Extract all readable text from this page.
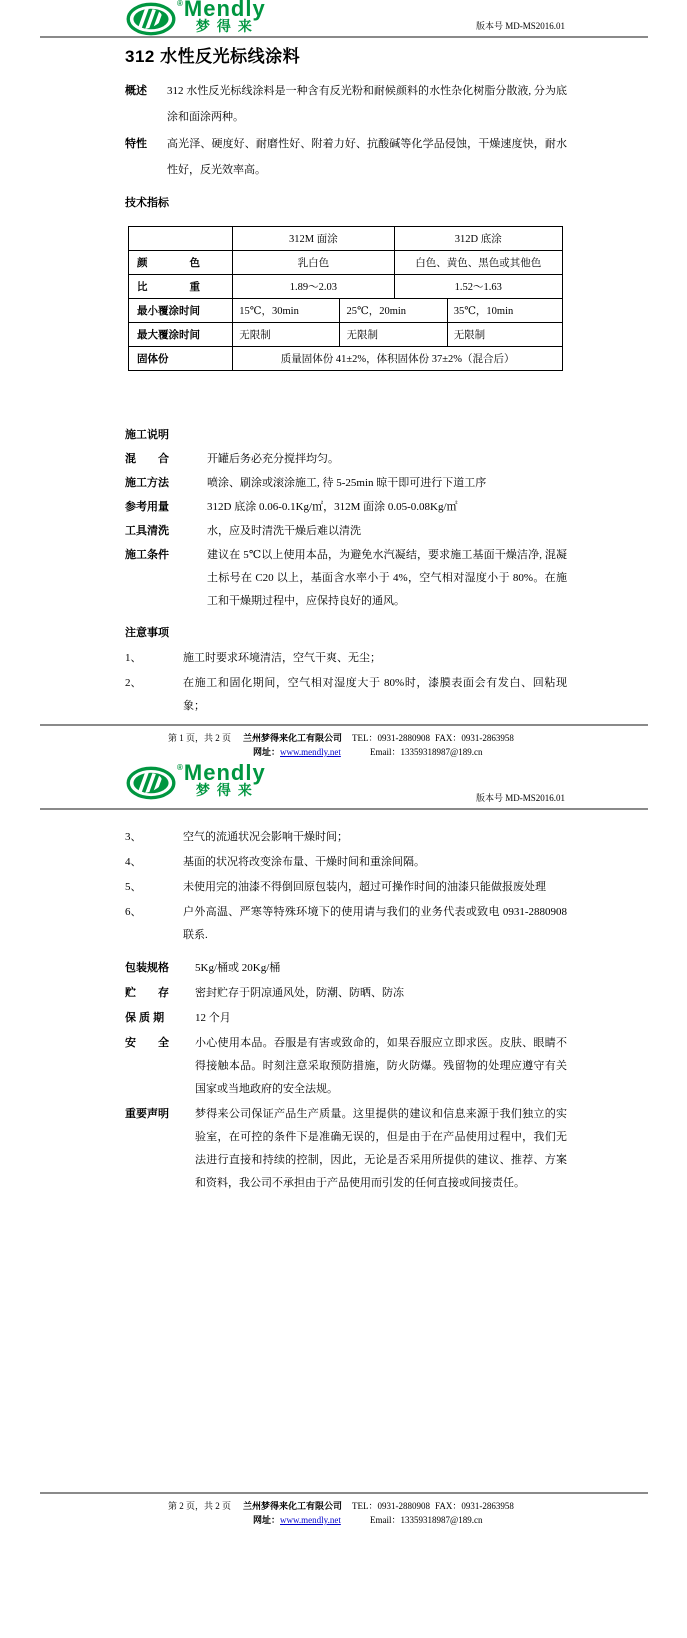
® Mendly
梦得来	版本号 MD-MS2016.01
312 水性反光标线涂料
概述	312 水性反光标线涂料是一种含有反光粉和耐候颜料的水性杂化树脂分散液, 分为底涂和面涂两种。
特性	高光泽、硬度好、耐磨性好、附着力好、抗酸碱等化学品侵蚀，干燥速度快，耐水性好，反光效率高。
技术指标
	312M 面涂		312D 底涂	
颜　　　　色	乳白色		白色、黄色、黑色或其他色	
比　　　　重	1.89～2.03		1.52～1.63	
最小覆涂时间	15℃，30min	25℃，20min		35℃，10min
最大覆涂时间	无限制	无限制		无限制
固体份	质量固体份 41±2%，体积固体份 37±2%（混合后）			
施工说明
混　　合	开罐后务必充分搅拌均匀。
施工方法	喷涂、刷涂或滚涂施工, 待 5-25min 晾干即可进行下道工序
参考用量	312D 底涂 0.06-0.1Kg/㎡，312M 面涂 0.05-0.08Kg/㎡
工具清洗	水，应及时清洗干燥后难以清洗
施工条件	建议在 5℃以上使用本品，为避免水汽凝结，要求施工基面干燥洁净, 混凝土标号在 C20 以上，基面含水率小于 4%，空气相对湿度小于 80%。在施工和干燥期过程中，应保持良好的通风。
注意事项
1、	施工时要求环境清洁，空气干爽、无尘；
2、	在施工和固化期间，空气相对湿度大于 80%时，漆膜表面会有发白、回粘现象；
第 1 页，共 2 页 兰州梦得来化工有限公司 TEL：0931-2880908 FAX：0931-2863958
网址：www.mendly.net	Email：13359318987@189.cn
® Mendly
梦得来	版本号 MD-MS2016.01
3、	空气的流通状况会影响干燥时间；
4、	基面的状况将改变涂布量、干燥时间和重涂间隔。
5、	未使用完的油漆不得倒回原包装内，超过可操作时间的油漆只能做报废处理
6、	户外高温、严寒等特殊环境下的使用请与我们的业务代表或致电 0931-2880908 联系.
包装规格	5Kg/桶或 20Kg/桶
贮　　存	密封贮存于阴凉通风处，防潮、防晒、防冻
保 质 期	12 个月
安　　全	小心使用本品。吞服是有害或致命的，如果吞服应立即求医。皮肤、眼睛不得接触本品。时刻注意采取预防措施，防火防爆。残留物的处理应遵守有关国家或当地政府的安全法规。
重要声明	梦得来公司保证产品生产质量。这里提供的建议和信息来源于我们独立的实验室，在可控的条件下是准确无误的，但是由于在产品使用过程中，我们无法进行直接和持续的控制，因此，无论是否采用所提供的建议、推荐、方案和资料，我公司不承担由于产品使用而引发的任何直接或间接责任。
第 2 页，共 2 页 兰州梦得来化工有限公司 TEL：0931-2880908 FAX：0931-2863958
网址：www.mendly.net	Email：13359318987@189.cn
